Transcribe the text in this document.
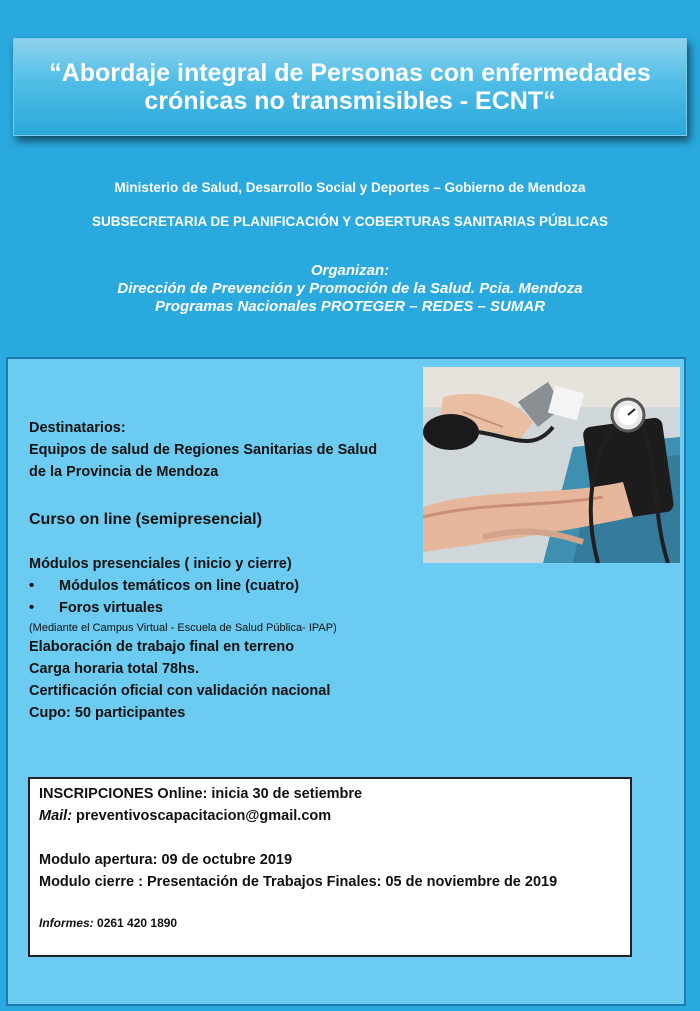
“Abordaje integral de Personas con enfermedades
crónicas no transmisibles - ECNT“
Ministerio de Salud, Desarrollo Social y Deportes – Gobierno de Mendoza
SUBSECRETARIA DE PLANIFICACIÓN Y COBERTURAS SANITARIAS PÚBLICAS
Organizan:
Dirección de Prevención y Promoción de la Salud. Pcia. Mendoza
Programas Nacionales PROTEGER – REDES – SUMAR
Destinatarios:
Equipos de salud de Regiones Sanitarias de Salud
de la Provincia de Mendoza
Curso on line (semipresencial)
Módulos presenciales ( inicio y cierre)
• Módulos temáticos on line (cuatro)
• Foros virtuales
(Mediante el Campus Virtual - Escuela de Salud Pública- IPAP)
Elaboración de trabajo final en terreno
Carga horaria total 78hs.
Certificación oficial con validación nacional
Cupo: 50 participantes
INSCRIPCIONES Online: inicia 30 de setiembre
Mail: preventivoscapacitacion@gmail.com
Modulo apertura: 09 de octubre 2019
Modulo cierre : Presentación de Trabajos Finales: 05 de noviembre de 2019
Informes: 0261 420 1890
